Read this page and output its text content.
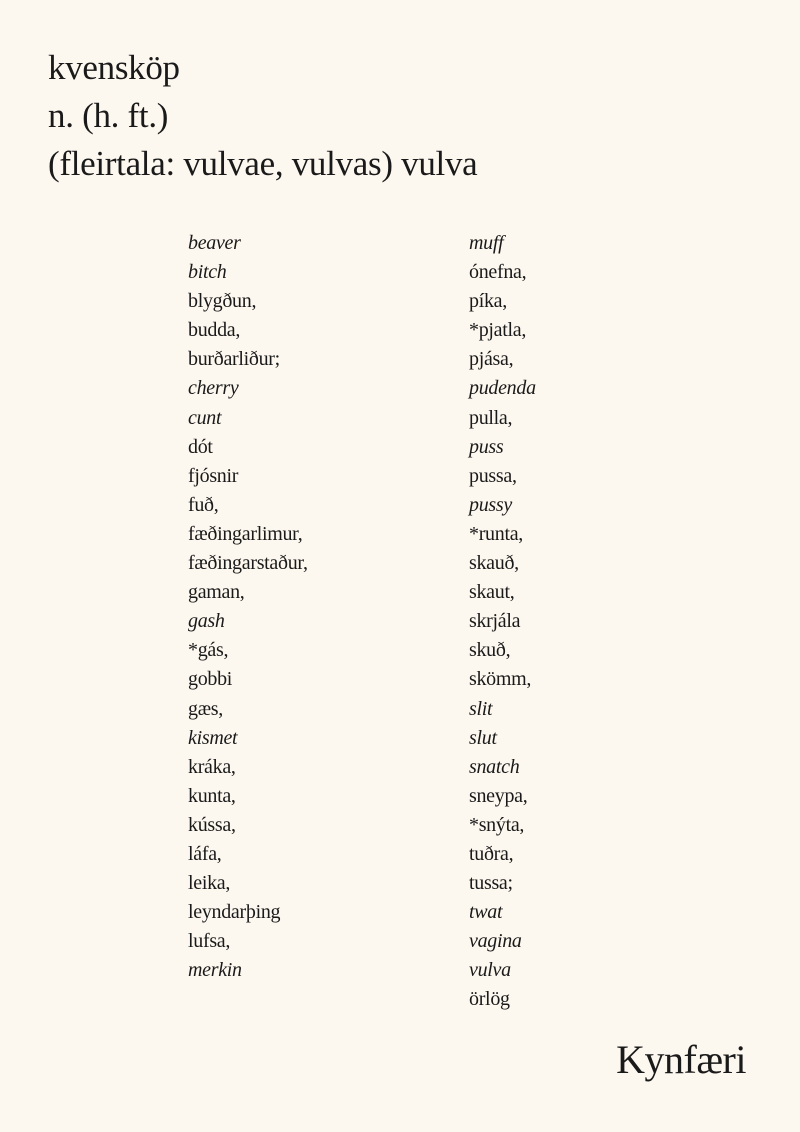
kvensköp
n. (h. ft.)
(fleirtala: vulvae, vulvas) vulva
beaver
bitch
blygðun,
budda,
burðarliður;
cherry
cunt
dót
fjósnir
fuð,
fæðingarlimur,
fæðingarstaður,
gaman,
gash
*gás,
gobbi
gæs,
kismet
kráka,
kunta,
kússa,
láfa,
leika,
leyndarþing
lufsa,
merkin
muff
ónefna,
píka,
*pjatla,
pjása,
pudenda
pulla,
puss
pussa,
pussy
*runta,
skauð,
skaut,
skrjála
skuð,
skömm,
slit
slut
snatch
sneypa,
*snýta,
tuðra,
tussa;
twat
vagina
vulva
örlög
Kynfæri
